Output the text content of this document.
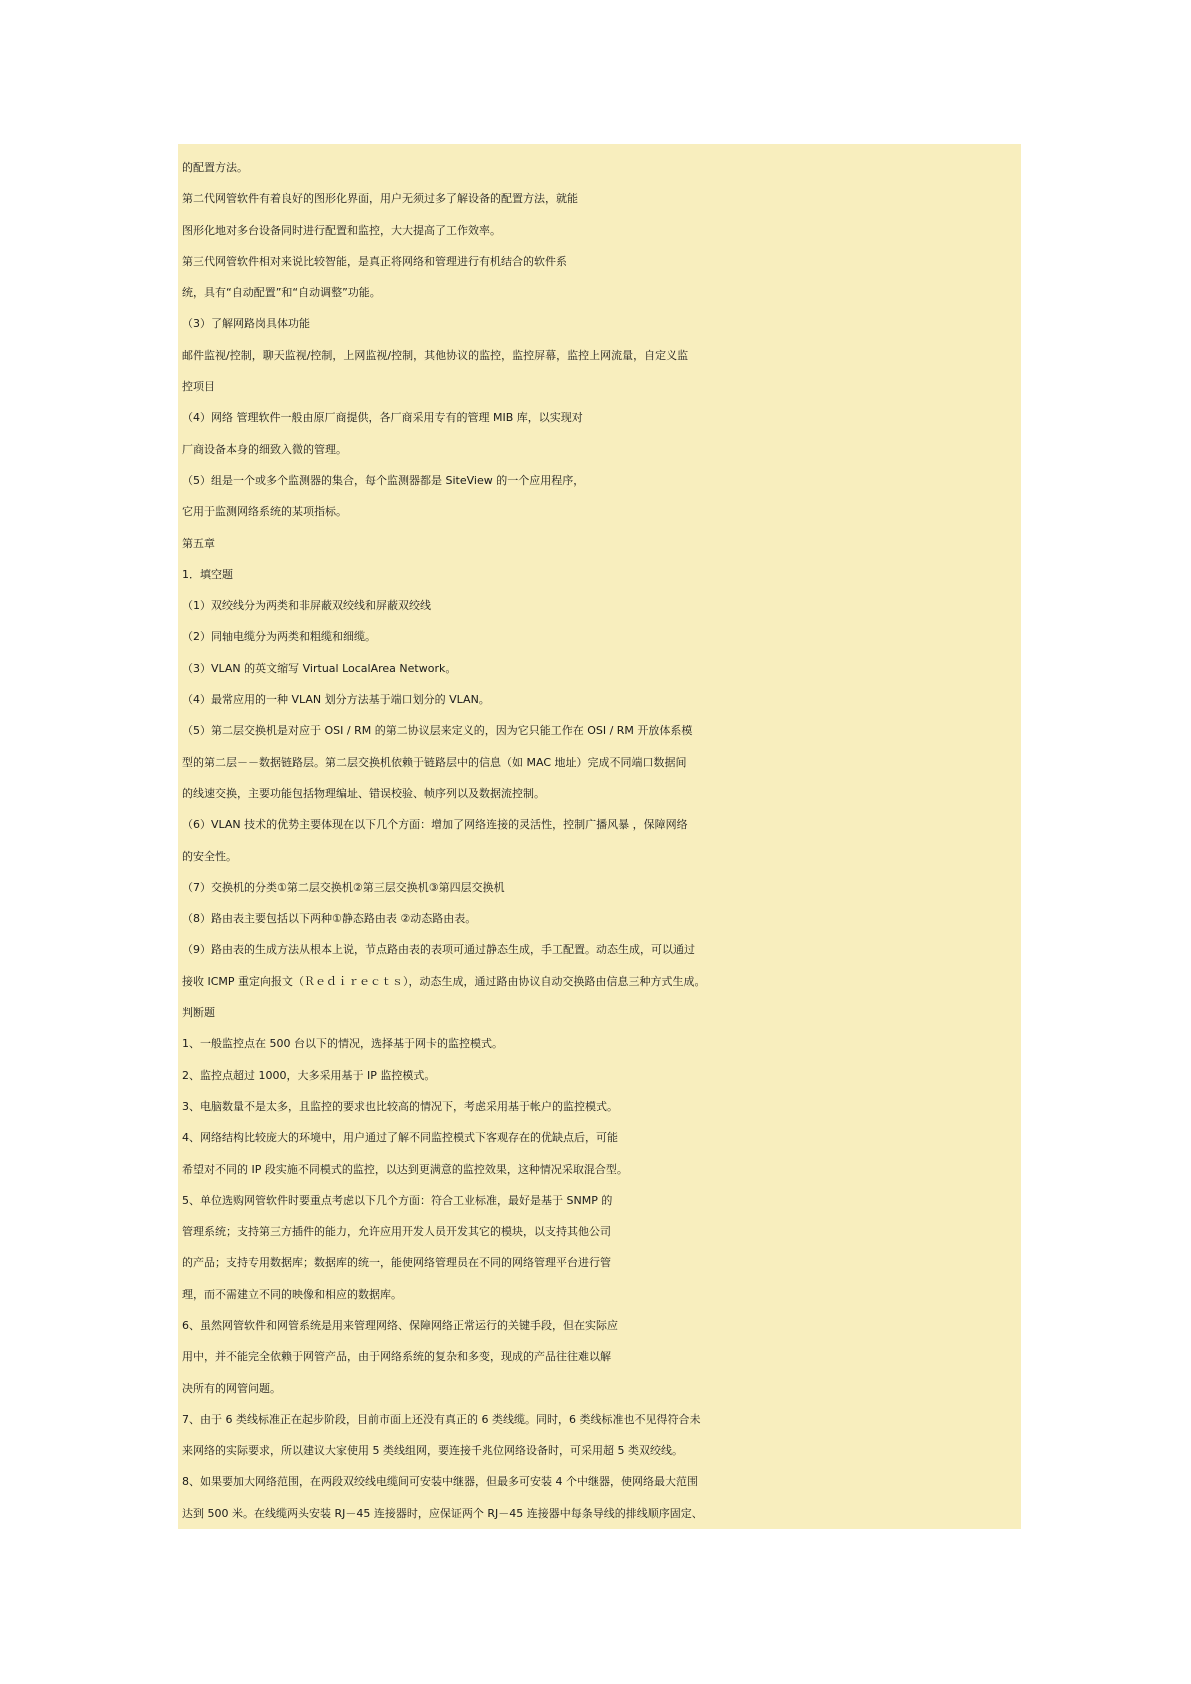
的配置方法。
第二代网管软件有着良好的图形化界面，用户无须过多了解设备的配置方法，就能
图形化地对多台设备同时进行配置和监控，大大提高了工作效率。
第三代网管软件相对来说比较智能，是真正将网络和管理进行有机结合的软件系
统，具有“自动配置”和“自动调整”功能。
（3）了解网路岗具体功能
邮件监视/控制，聊天监视/控制，上网监视/控制，其他协议的监控，监控屏幕，监控上网流量，自定义监
控项目
（4）网络 管理软件一般由原厂商提供，各厂商采用专有的管理 MIB 库，以实现对
厂商设备本身的细致入微的管理。
（5）组是一个或多个监测器的集合，每个监测器都是 SiteView 的一个应用程序，
它用于监测网络系统的某项指标。
第五章
1．填空题
（1）双绞线分为两类和非屏蔽双绞线和屏蔽双绞线
（2）同轴电缆分为两类和粗缆和细缆。
（3）VLAN 的英文缩写 Virtual LocalArea Network。
（4）最常应用的一种 VLAN 划分方法基于端口划分的 VLAN。
（5）第二层交换机是对应于 OSI / RM 的第二协议层来定义的，因为它只能工作在 OSI / RM 开放体系模
型的第二层－－数据链路层。第二层交换机依赖于链路层中的信息（如 MAC 地址）完成不同端口数据间
的线速交换，主要功能包括物理编址、错误校验、帧序列以及数据流控制。
（6）VLAN 技术的优势主要体现在以下几个方面：增加了网络连接的灵活性，控制广播风暴 ，保障网络
的安全性。
（7）交换机的分类①第二层交换机②第三层交换机③第四层交换机
（8）路由表主要包括以下两种①静态路由表 ②动态路由表。
（9）路由表的生成方法从根本上说，节点路由表的表项可通过静态生成，手工配置。动态生成，可以通过
接收 ICMP 重定向报文（Ｒｅｄｉｒｅｃｔｓ），动态生成，通过路由协议自动交换路由信息三种方式生成。
判断题
1、一般监控点在 500 台以下的情况，选择基于网卡的监控模式。
2、监控点超过 1000，大多采用基于 IP 监控模式。
3、电脑数量不是太多，且监控的要求也比较高的情况下，考虑采用基于帐户的监控模式。
4、网络结构比较庞大的环境中，用户通过了解不同监控模式下客观存在的优缺点后，可能
希望对不同的 IP 段实施不同模式的监控，以达到更满意的监控效果，这种情况采取混合型。
5、单位选购网管软件时要重点考虑以下几个方面：符合工业标准，最好是基于 SNMP 的
管理系统；支持第三方插件的能力，允许应用开发人员开发其它的模块，以支持其他公司
的产品；支持专用数据库；数据库的统一，能使网络管理员在不同的网络管理平台进行管
理，而不需建立不同的映像和相应的数据库。
6、虽然网管软件和网管系统是用来管理网络、保障网络正常运行的关键手段，但在实际应
用中，并不能完全依赖于网管产品，由于网络系统的复杂和多变，现成的产品往往难以解
决所有的网管问题。
7、由于 6 类线标准正在起步阶段，目前市面上还没有真正的 6 类线缆。同时，6 类线标准也不见得符合未
来网络的实际要求，所以建议大家使用 5 类线组网，要连接千兆位网络设备时，可采用超 5 类双绞线。
8、如果要加大网络范围，在两段双绞线电缆间可安装中继器，但最多可安装 4 个中继器，使网络最大范围
达到 500 米。在线缆两头安装 RJ－45 连接器时，应保证两个 RJ－45 连接器中每条导线的排线顺序固定、
